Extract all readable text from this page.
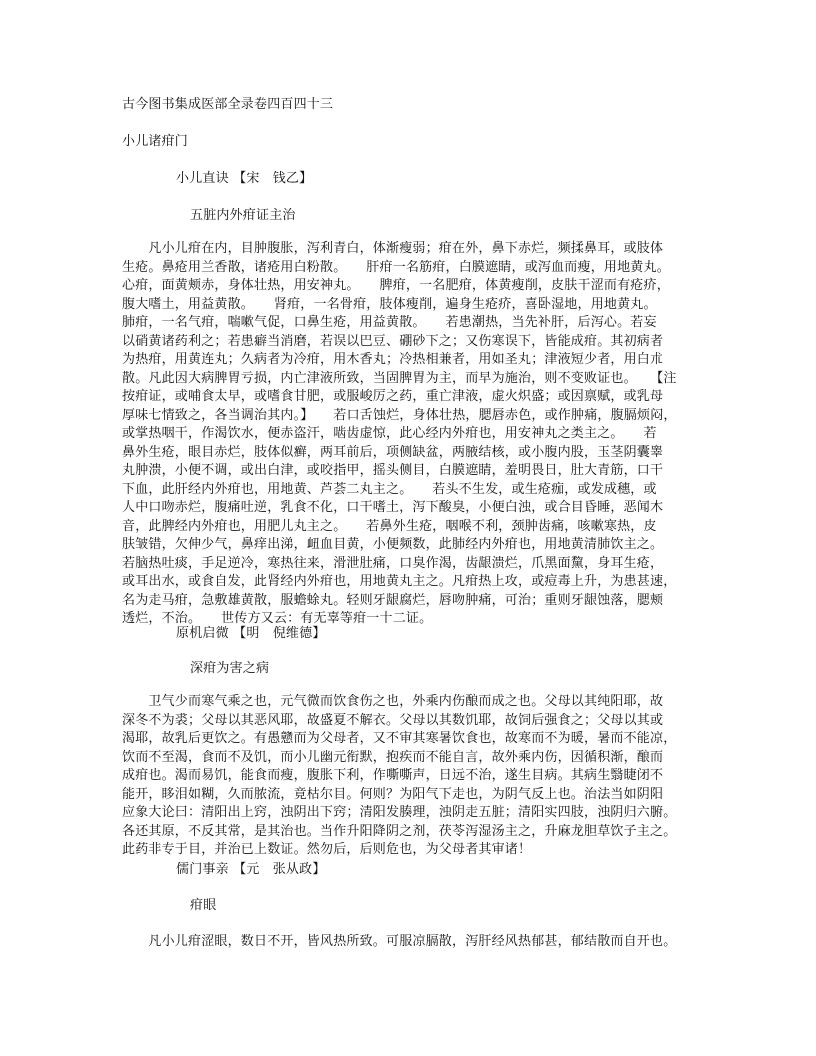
古今图书集成医部全录卷四百四十三
小儿诸疳门
小儿直诀 【宋　钱乙】
五脏内外疳证主治
　　凡小儿疳在内，目肿腹胀，泻利青白，体渐瘦弱；疳在外，鼻下赤烂，频揉鼻耳，或肢体
生疮。鼻疮用兰香散，诸疮用白粉散。　　肝疳一名筋疳，白膜遮睛，或泻血而瘦，用地黄丸。
心疳，面黄颊赤，身体壮热，用安神丸。　　脾疳，一名肥疳，体黄瘦削，皮肤干涩而有疮疥，
腹大嗜土，用益黄散。　　肾疳，一名骨疳，肢体瘦削，遍身生疮疥，喜卧湿地，用地黄丸。
肺疳，一名气疳，喘嗽气促，口鼻生疮，用益黄散。　　若患潮热，当先补肝，后泻心。若妄
以硝黄诸药利之；若患癖当消磨，若误以巴豆、硼砂下之；又伤寒误下，皆能成疳。其初病者
为热疳，用黄连丸；久病者为冷疳，用木香丸；冷热相兼者，用如圣丸；津液短少者，用白朮
散。凡此因大病脾胃亏损，内亡津液所致，当固脾胃为主，而早为施治，则不变败证也。　　【注
按疳证，或哺食太早，或嗜食甘肥，或服峻厉之药，重亡津液，虚火炽盛；或因禀赋，或乳母
厚味七情致之，各当调治其内。】　　若口舌蚀烂，身体壮热，腮唇赤色，或作肿痛，腹膈烦闷，
或掌热咽干，作渴饮水，便赤盗汗，啮齿虚惊，此心经内外疳也，用安神丸之类主之。　　若
鼻外生疮，眼目赤烂，肢体似癣，两耳前后，项侧缺盆，两腋结核，或小腹内股，玉茎阴囊睾
丸肿溃，小便不调，或出白津，或咬指甲，摇头侧目，白膜遮睛，羞明畏日，肚大青筋，口干
下血，此肝经内外疳也，用地黄、芦荟二丸主之。　　若头不生发，或生疮痂，或发成穗，或
人中口吻赤烂，腹痛吐逆，乳食不化，口干嗜土，泻下酸臭，小便白浊，或合目昏睡，恶闻木
音，此脾经内外疳也，用肥儿丸主之。　　若鼻外生疮，咽喉不利，颈肿齿痛，咳嗽寒热，皮
肤皱错，欠伸少气，鼻痒出涕，衄血目黄，小便频数，此肺经内外疳也，用地黄清肺饮主之。
若脑热吐痰，手足逆冷，寒热往来，滑泄肚痛，口臭作渴，齿龈溃烂，爪黑面黧，身耳生疮，
或耳出水，或食自发，此肾经内外疳也，用地黄丸主之。凡疳热上攻，或痘毒上升，为患甚速，
名为走马疳，急敷雄黄散，服蟾蜍丸。轻则牙龈腐烂，唇吻肿痛，可治；重则牙龈蚀落，腮颊
透烂，不治。　　世传方又云：有无辜等疳一十二证。
原机启微 【明　倪维德】
深疳为害之病
　　卫气少而寒气乘之也，元气微而饮食伤之也，外乘内伤酿而成之也。父母以其纯阳耶，故
深冬不为裘；父母以其恶风耶，故盛夏不解衣。父母以其数饥耶，故饲后强食之；父母以其或
渴耶，故乳后更饮之。有愚戆而为父母者，又不审其寒暑饮食也，故寒而不为暖，暑而不能凉，
饮而不至渴，食而不及饥，而小儿幽元衔默，抱疾而不能自言，故外乘内伤，因循积渐，酿而
成疳也。渴而易饥，能食而瘦，腹胀下利，作嘶嘶声，日远不治，遂生目病。其病生翳睫闭不
能开，眵泪如糊，久而脓流，竟枯尔目。何则？为阳气下走也，为阴气反上也。治法当如阴阳
应象大论曰：清阳出上窍，浊阴出下窍；清阳发腠理，浊阴走五脏；清阳实四肢，浊阴归六腑。
各还其原，不反其常，是其治也。当作升阳降阴之剂，茯苓泻湿汤主之，升麻龙胆草饮子主之。
此药非专于目，并治已上数证。然勿后，后则危也，为父母者其审诸！
儒门事亲 【元　张从政】
疳眼
　　凡小儿疳涩眼，数日不开，皆风热所致。可服凉膈散，泻肝经风热郁甚，郁结散而自开也。
